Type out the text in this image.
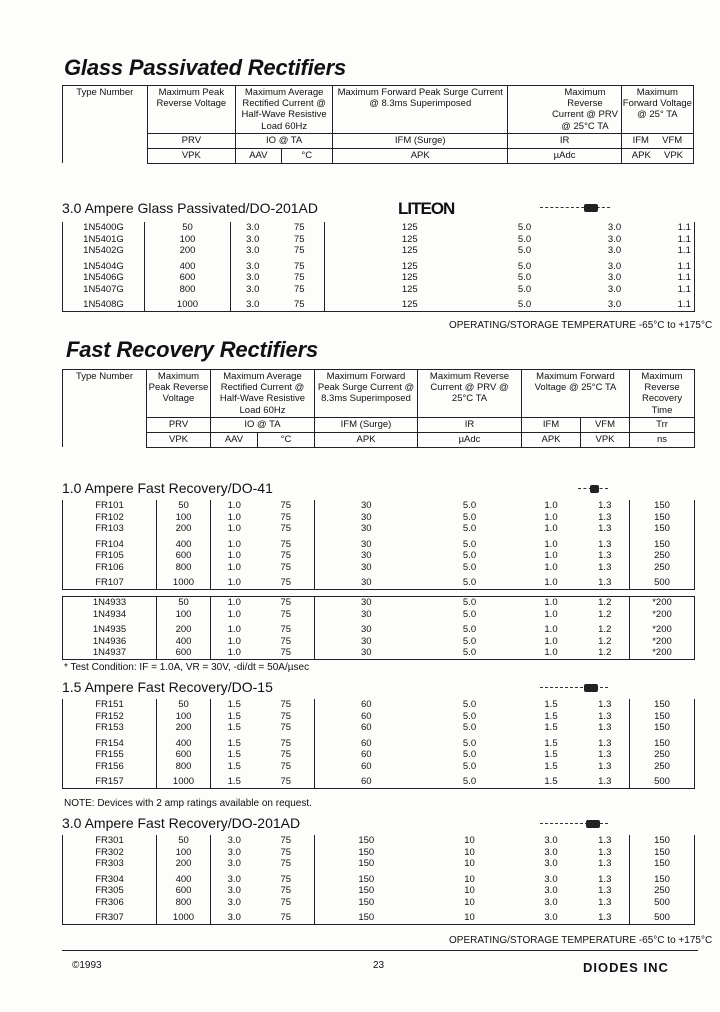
Glass Passivated Rectifiers
Type Number	Maximum Peak Reverse Voltage	Maximum Average Rectified Current @ Half-Wave Resistive Load 60Hz		Maximum Forward Peak Surge Current @ 8.3ms Superimposed		Maximum Reverse Current @ PRV @ 25°C TA	Maximum Forward Voltage @ 25° TA
	PRV	IO @ TA		IFM (Surge)	IR		IFM VFM
	VPK	AAV	°C	APK	µAdc		APK VPK
3.0 Ampere Glass Passivated/DO-201AD	LITEON
1N5400G	50	3.0	75	125	5.0	3.0	1.1
1N5401G	100	3.0	75	125	5.0	3.0	1.1
1N5402G	200	3.0	75	125	5.0	3.0	1.1

1N5404G	400	3.0	75	125	5.0	3.0	1.1
1N5406G	600	3.0	75	125	5.0	3.0	1.1
1N5407G	800	3.0	75	125	5.0	3.0	1.1

1N5408G	1000	3.0	75	125	5.0	3.0	1.1
OPERATING/STORAGE TEMPERATURE -65°C to +175°C
Fast Recovery Rectifiers
Type Number	Maximum Peak Reverse Voltage	Maximum Average Rectified Current @ Half-Wave Resistive Load 60Hz		Maximum Forward Peak Surge Current @ 8.3ms Superimposed	Maximum Reverse Current @ PRV @ 25°C TA	Maximum Forward Voltage @ 25°C TA		Maximum Reverse Recovery Time
	PRV	IO @ TA		IFM (Surge)	IR	IFM	VFM	Trr
	VPK	AAV	°C	APK	µAdc	APK	VPK	ns
1.0 Ampere Fast Recovery/DO-41
FR101	50	1.0	75	30	5.0	1.0	1.3	150
FR102	100	1.0	75	30	5.0	1.0	1.3	150
FR103	200	1.0	75	30	5.0	1.0	1.3	150

FR104	400	1.0	75	30	5.0	1.0	1.3	150
FR105	600	1.0	75	30	5.0	1.0	1.3	250
FR106	800	1.0	75	30	5.0	1.0	1.3	250

FR107	1000	1.0	75	30	5.0	1.0	1.3	500
1N4933	50	1.0	75	30	5.0	1.0	1.2	*200
1N4934	100	1.0	75	30	5.0	1.0	1.2	*200

1N4935	200	1.0	75	30	5.0	1.0	1.2	*200
1N4936	400	1.0	75	30	5.0	1.0	1.2	*200
1N4937	600	1.0	75	30	5.0	1.0	1.2	*200
* Test Condition: IF = 1.0A, VR = 30V, -di/dt = 50A/µsec
1.5 Ampere Fast Recovery/DO-15
FR151	50	1.5	75	60	5.0	1.5	1.3	150
FR152	100	1.5	75	60	5.0	1.5	1.3	150
FR153	200	1.5	75	60	5.0	1.5	1.3	150

FR154	400	1.5	75	60	5.0	1.5	1.3	150
FR155	600	1.5	75	60	5.0	1.5	1.3	250
FR156	800	1.5	75	60	5.0	1.5	1.3	250

FR157	1000	1.5	75	60	5.0	1.5	1.3	500
NOTE: Devices with 2 amp ratings available on request.
3.0 Ampere Fast Recovery/DO-201AD
FR301	50	3.0	75	150	10	3.0	1.3	150
FR302	100	3.0	75	150	10	3.0	1.3	150
FR303	200	3.0	75	150	10	3.0	1.3	150

FR304	400	3.0	75	150	10	3.0	1.3	150
FR305	600	3.0	75	150	10	3.0	1.3	250
FR306	800	3.0	75	150	10	3.0	1.3	500

FR307	1000	3.0	75	150	10	3.0	1.3	500
OPERATING/STORAGE TEMPERATURE -65°C to +175°C
©1993	23	DIODES INC
